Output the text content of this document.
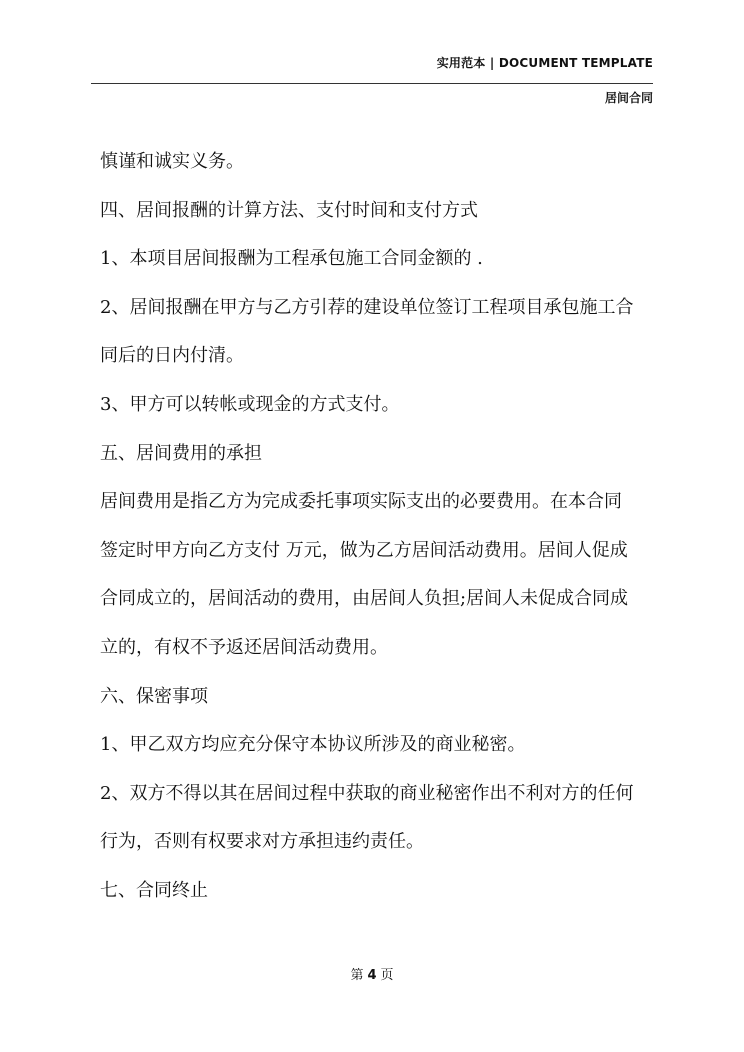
实用范本 | DOCUMENT TEMPLATE
居间合同
慎谨和诚实义务。
四、居间报酬的计算方法、支付时间和支付方式
1、本项目居间报酬为工程承包施工合同金额的 .
2、居间报酬在甲方与乙方引荐的建设单位签订工程项目承包施工合
同后的日内付清。
3、甲方可以转帐或现金的方式支付。
五、居间费用的承担
居间费用是指乙方为完成委托事项实际支出的必要费用。在本合同
签定时甲方向乙方支付 万元，做为乙方居间活动费用。居间人促成
合同成立的，居间活动的费用，由居间人负担;居间人未促成合同成
立的，有权不予返还居间活动费用。
六、保密事项
1、甲乙双方均应充分保守本协议所涉及的商业秘密。
2、双方不得以其在居间过程中获取的商业秘密作出不利对方的任何
行为，否则有权要求对方承担违约责任。
七、合同终止
第 4 页
